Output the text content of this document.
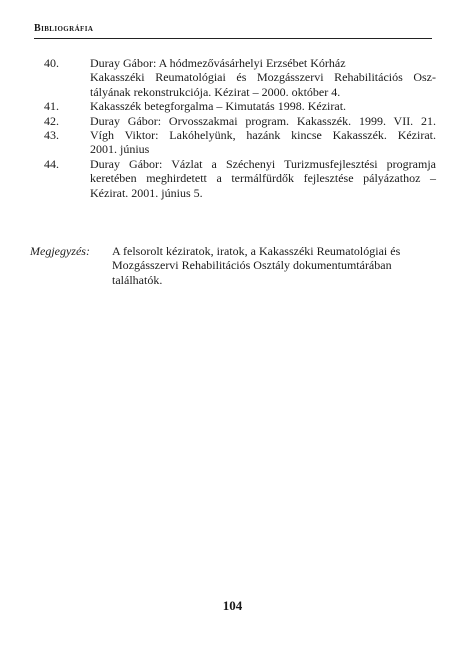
Bibliográfia
40.	Duray Gábor: A hódmezővásárhelyi Erzsébet Kórház
Kakasszéki Reumatológiai és Mozgásszervi Rehabilitációs Osz-
tályának rekonstrukciója. Kézirat – 2000. október 4.
41.	Kakasszék betegforgalma – Kimutatás 1998. Kézirat.
42.	Duray Gábor: Orvosszakmai program. Kakasszék. 1999. VII. 21.
43.	Vígh Viktor: Lakóhelyünk, hazánk kincse Kakasszék. Kézirat.
2001. június
44.	Duray Gábor: Vázlat a Széchenyi Turizmusfejlesztési programja
keretében meghirdetett a termálfürdők fejlesztése pályázathoz –
Kézirat. 2001. június 5.
Megjegyzés: A felsorolt kéziratok, iratok, a Kakasszéki Reumatológiai és
Mozgásszervi Rehabilitációs Osztály dokumentumtárában
találhatók.
104
